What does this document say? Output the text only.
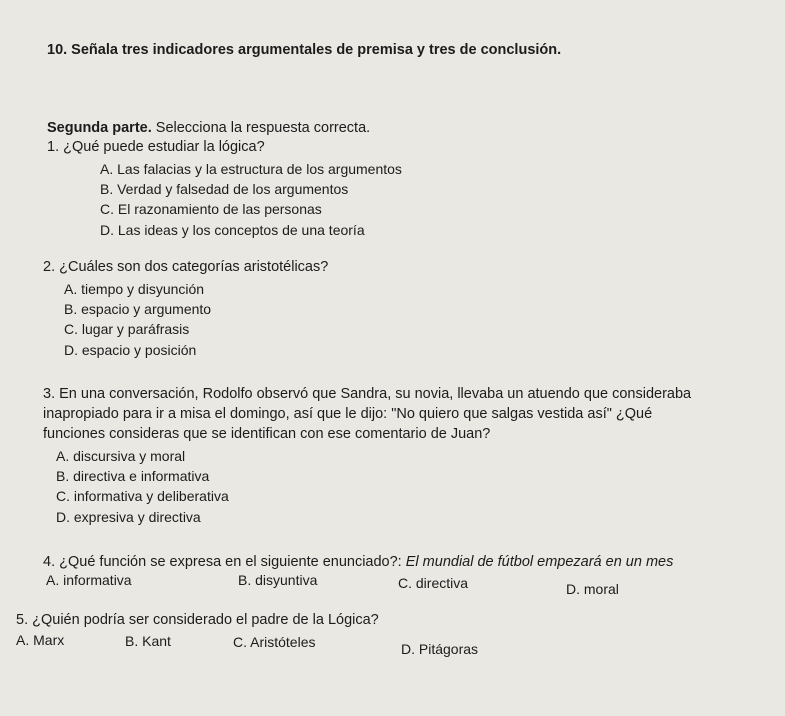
10. Señala tres indicadores argumentales de premisa y tres de conclusión.
Segunda parte. Selecciona la respuesta correcta.
1. ¿Qué puede estudiar la lógica?
A. Las falacias y la estructura de los argumentos
B. Verdad y falsedad de los argumentos
C. El razonamiento de las personas
D. Las ideas y los conceptos de una teoría
2. ¿Cuáles son dos categorías aristotélicas?
A. tiempo y disyunción
B. espacio y argumento
C. lugar y paráfrasis
D. espacio y posición
3. En una conversación, Rodolfo observó que Sandra, su novia, llevaba un atuendo que consideraba
inapropiado para ir a misa el domingo, así que le dijo: "No quiero que salgas vestida así" ¿Qué
funciones consideras que se identifican con ese comentario de Juan?
A. discursiva y moral
B. directiva e informativa
C. informativa y deliberativa
D. expresiva y directiva
4. ¿Qué función se expresa en el siguiente enunciado?: El mundial de fútbol empezará en un mes
A. informativa	B. disyuntiva	C. directiva	D. moral
5. ¿Quién podría ser considerado el padre de la Lógica?
A. Marx	B. Kant	C. Aristóteles	D. Pitágoras
